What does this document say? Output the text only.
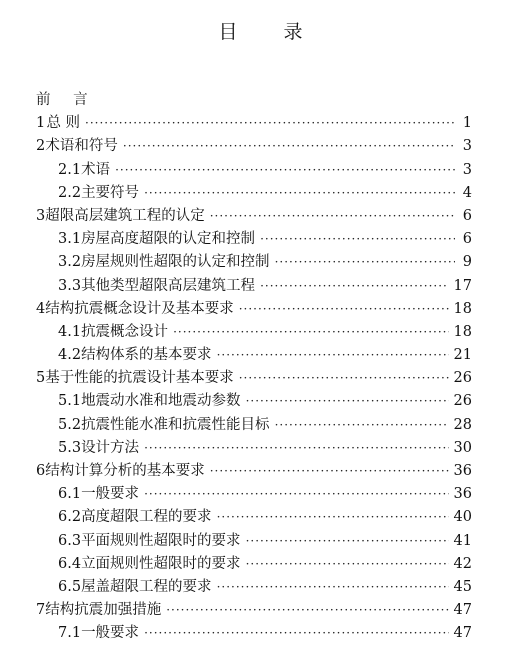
目 录
前 言
1 总 则 ·····	1
2 术语和符号 ·····	3
2.1 术语 ·····	3
2.2 主要符号 ·····	4
3 超限高层建筑工程的认定 ·····	6
3.1 房屋高度超限的认定和控制 ·····	6
3.2 房屋规则性超限的认定和控制 ·····	9
3.3 其他类型超限高层建筑工程 ·····	17
4 结构抗震概念设计及基本要求 ·····	18
4.1 抗震概念设计 ·····	18
4.2 结构体系的基本要求 ·····	21
5 基于性能的抗震设计基本要求 ·····	26
5.1 地震动水准和地震动参数 ·····	26
5.2 抗震性能水准和抗震性能目标 ·····	28
5.3 设计方法 ·····	30
6 结构计算分析的基本要求 ·····	36
6.1 一般要求 ·····	36
6.2 高度超限工程的要求 ·····	40
6.3 平面规则性超限时的要求 ·····	41
6.4 立面规则性超限时的要求 ·····	42
6.5 屋盖超限工程的要求 ·····	45
7 结构抗震加强措施 ·····	47
7.1 一般要求 ·····	47
